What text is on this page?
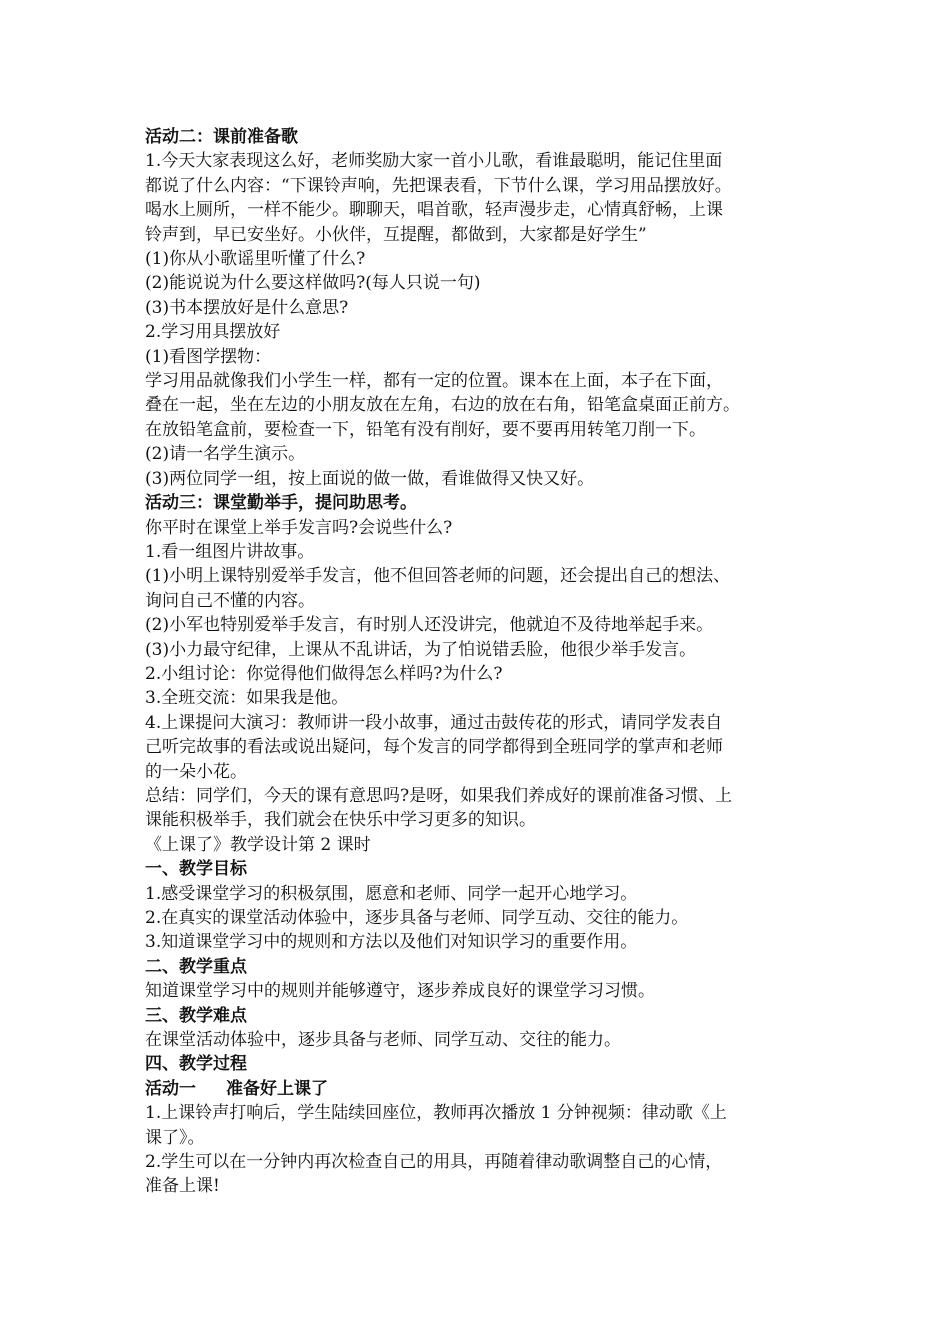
活动二：课前准备歌
1.今天大家表现这么好，老师奖励大家一首小儿歌，看谁最聪明，能记住里面
都说了什么内容：“下课铃声响，先把课表看，下节什么课，学习用品摆放好。
喝水上厕所，一样不能少。聊聊天，唱首歌，轻声漫步走，心情真舒畅，上课
铃声到，早已安坐好。小伙伴，互提醒，都做到，大家都是好学生”
(1)你从小歌谣里听懂了什么?
(2)能说说为什么要这样做吗?(每人只说一句)
(3)书本摆放好是什么意思?
2.学习用具摆放好
(1)看图学摆物：
学习用品就像我们小学生一样，都有一定的位置。课本在上面，本子在下面，
叠在一起，坐在左边的小朋友放在左角，右边的放在右角，铅笔盒桌面正前方。
在放铅笔盒前，要检查一下，铅笔有没有削好，要不要再用转笔刀削一下。
(2)请一名学生演示。
(3)两位同学一组，按上面说的做一做，看谁做得又快又好。
活动三：课堂勤举手，提问助思考。
你平时在课堂上举手发言吗?会说些什么?
1.看一组图片讲故事。
(1)小明上课特别爱举手发言，他不但回答老师的问题，还会提出自己的想法、
询问自己不懂的内容。
(2)小军也特别爱举手发言，有时别人还没讲完，他就迫不及待地举起手来。
(3)小力最守纪律，上课从不乱讲话，为了怕说错丢脸，他很少举手发言。
2.小组讨论：你觉得他们做得怎么样吗?为什么?
3.全班交流：如果我是他。
4.上课提问大演习：教师讲一段小故事，通过击鼓传花的形式，请同学发表自
己听完故事的看法或说出疑问，每个发言的同学都得到全班同学的掌声和老师
的一朵小花。
总结：同学们，今天的课有意思吗?是呀，如果我们养成好的课前准备习惯、上
课能积极举手，我们就会在快乐中学习更多的知识。
《上课了》教学设计第 2 课时
一、教学目标
1.感受课堂学习的积极氛围，愿意和老师、同学一起开心地学习。
2.在真实的课堂活动体验中，逐步具备与老师、同学互动、交往的能力。
3.知道课堂学习中的规则和方法以及他们对知识学习的重要作用。
二、教学重点
知道课堂学习中的规则并能够遵守，逐步养成良好的课堂学习习惯。
三、教学难点
在课堂活动体验中，逐步具备与老师、同学互动、交往的能力。
四、教学过程
活动一 准备好上课了
1.上课铃声打响后，学生陆续回座位，教师再次播放 1 分钟视频：律动歌《上
课了》。
2.学生可以在一分钟内再次检查自己的用具，再随着律动歌调整自己的心情，
准备上课!
